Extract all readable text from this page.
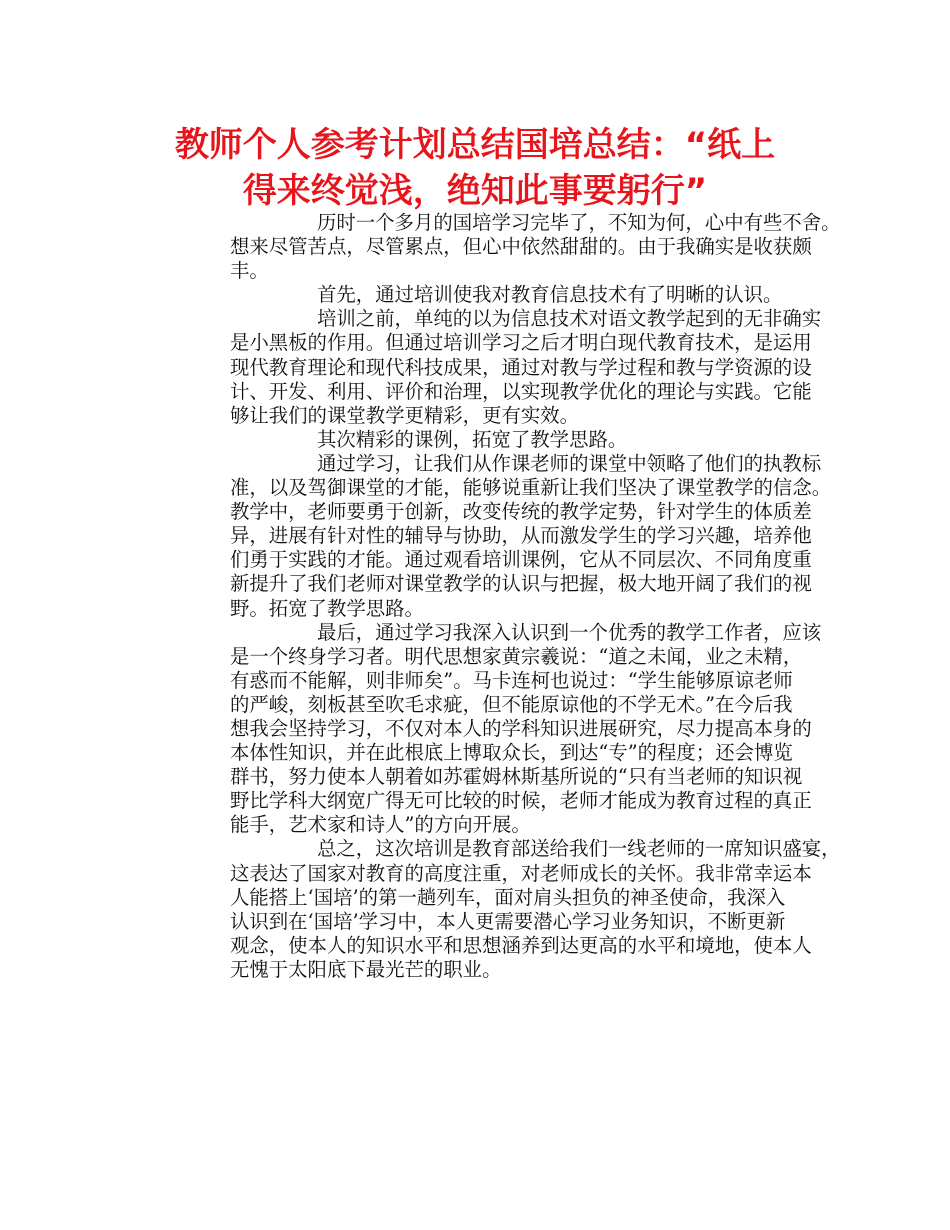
教师个人参考计划总结国培总结：“纸上
得来终觉浅，绝知此事要躬行”
历时一个多月的国培学习完毕了，不知为何，心中有些不舍。
想来尽管苦点，尽管累点，但心中依然甜甜的。由于我确实是收获颇
丰。
首先，通过培训使我对教育信息技术有了明晰的认识。
培训之前，单纯的以为信息技术对语文教学起到的无非确实
是小黑板的作用。但通过培训学习之后才明白现代教育技术，是运用
现代教育理论和现代科技成果，通过对教与学过程和教与学资源的设
计、开发、利用、评价和治理，以实现教学优化的理论与实践。它能
够让我们的课堂教学更精彩，更有实效。
其次精彩的课例，拓宽了教学思路。
通过学习，让我们从作课老师的课堂中领略了他们的执教标
准，以及驾御课堂的才能，能够说重新让我们坚决了课堂教学的信念。
教学中，老师要勇于创新，改变传统的教学定势，针对学生的体质差
异，进展有针对性的辅导与协助，从而激发学生的学习兴趣，培养他
们勇于实践的才能。通过观看培训课例，它从不同层次、不同角度重
新提升了我们老师对课堂教学的认识与把握，极大地开阔了我们的视
野。拓宽了教学思路。
最后，通过学习我深入认识到一个优秀的教学工作者，应该
是一个终身学习者。明代思想家黄宗羲说：“道之未闻，业之未精，
有惑而不能解，则非师矣”。马卡连柯也说过：“学生能够原谅老师
的严峻，刻板甚至吹毛求疵，但不能原谅他的不学无术。”在今后我
想我会坚持学习，不仅对本人的学科知识进展研究，尽力提高本身的
本体性知识，并在此根底上博取众长，到达“专”的程度；还会博览
群书，努力使本人朝着如苏霍姆林斯基所说的“只有当老师的知识视
野比学科大纲宽广得无可比较的时候，老师才能成为教育过程的真正
能手，艺术家和诗人”的方向开展。
总之，这次培训是教育部送给我们一线老师的一席知识盛宴，
这表达了国家对教育的高度注重，对老师成长的关怀。我非常幸运本
人能搭上‘国培’的第一趟列车，面对肩头担负的神圣使命，我深入
认识到在‘国培’学习中，本人更需要潜心学习业务知识，不断更新
观念，使本人的知识水平和思想涵养到达更高的水平和境地，使本人
无愧于太阳底下最光芒的职业。
